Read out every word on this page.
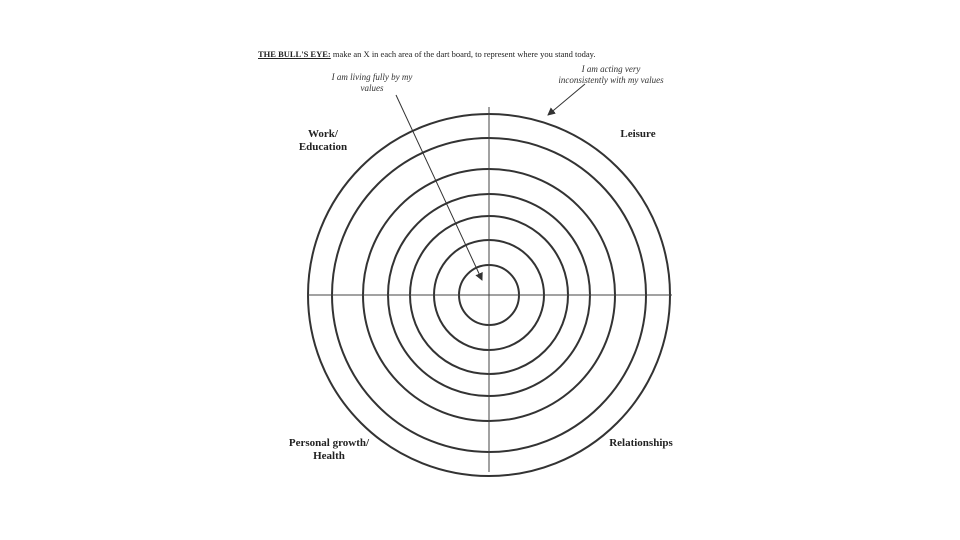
THE BULL'S EYE: make an X in each area of the dart board, to represent where you stand today.
I am living fully by my values
I am acting very inconsistently with my values
Work/ Education
Leisure
Personal growth/ Health
Relationships
